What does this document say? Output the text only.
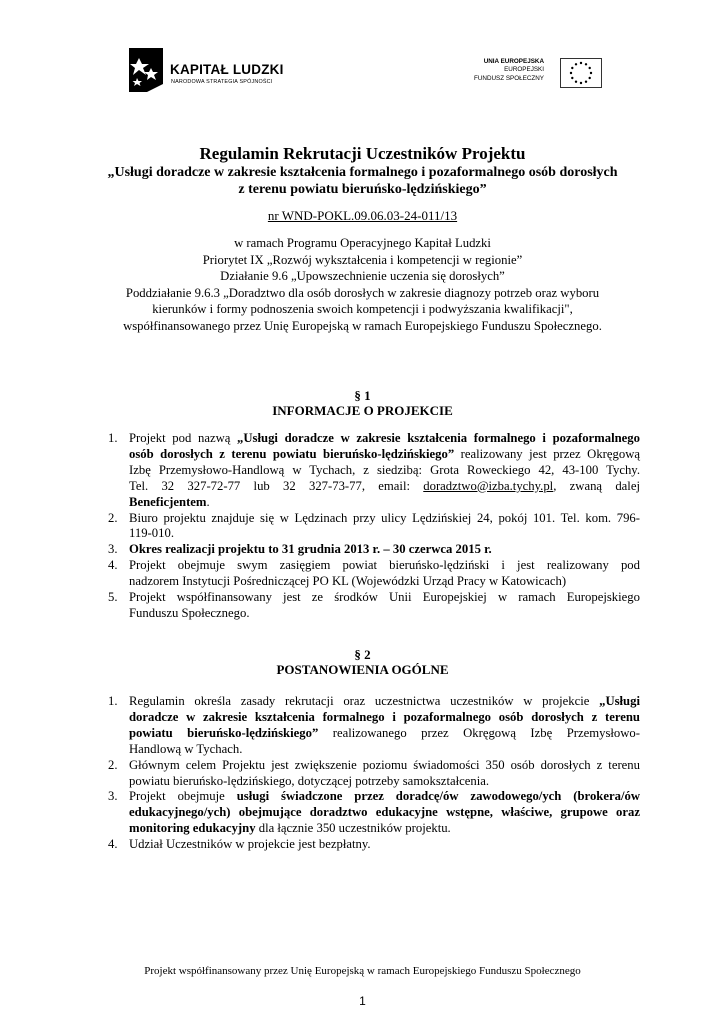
KAPITAŁ LUDZKI
NARODOWA STRATEGIA SPÓJNOŚCI
UNIA EUROPEJSKA
EUROPEJSKI
FUNDUSZ SPOŁECZNY
Regulamin Rekrutacji Uczestników Projektu
„Usługi doradcze w zakresie kształcenia formalnego i pozaformalnego osób dorosłych
z terenu powiatu bieruńsko-lędzińskiego”
nr WND-POKL.09.06.03-24-011/13
w ramach Programu Operacyjnego Kapitał Ludzki
Priorytet IX „Rozwój wykształcenia i kompetencji w regionie”
Działanie 9.6 „Upowszechnienie uczenia się dorosłych”
Poddziałanie 9.6.3 „Doradztwo dla osób dorosłych w zakresie diagnozy potrzeb oraz wyboru
kierunków i formy podnoszenia swoich kompetencji i podwyższania kwalifikacji",
współfinansowanego przez Unię Europejską w ramach Europejskiego Funduszu Społecznego.
§ 1
INFORMACJE O PROJEKCIE
1. Projekt pod nazwą „Usługi doradcze w zakresie kształcenia formalnego i pozaformalnego
osób dorosłych z terenu powiatu bieruńsko-lędzińskiego” realizowany jest przez Okręgową
Izbę Przemysłowo-Handlową w Tychach, z siedzibą: Grota Roweckiego 42, 43-100 Tychy.
Tel. 32 327-72-77 lub 32 327-73-77, email: doradztwo@izba.tychy.pl, zwaną dalej
Beneficjentem.
2. Biuro projektu znajduje się w Lędzinach przy ulicy Lędzińskiej 24, pokój 101. Tel. kom. 796-
119-010.
3. Okres realizacji projektu to 31 grudnia 2013 r. – 30 czerwca 2015 r.
4. Projekt obejmuje swym zasięgiem powiat bieruńsko-lędziński i jest realizowany pod
nadzorem Instytucji Pośredniczącej PO KL (Wojewódzki Urząd Pracy w Katowicach)
5. Projekt współfinansowany jest ze środków Unii Europejskiej w ramach Europejskiego
Funduszu Społecznego.
§ 2
POSTANOWIENIA OGÓLNE
1. Regulamin określa zasady rekrutacji oraz uczestnictwa uczestników w projekcie „Usługi
doradcze w zakresie kształcenia formalnego i pozaformalnego osób dorosłych z terenu
powiatu bieruńsko-lędzińskiego” realizowanego przez Okręgową Izbę Przemysłowo-
Handlową w Tychach.
2. Głównym celem Projektu jest zwiększenie poziomu świadomości 350 osób dorosłych z terenu
powiatu bieruńsko-lędzińskiego, dotyczącej potrzeby samokształcenia.
3. Projekt obejmuje usługi świadczone przez doradcę/ów zawodowego/ych (brokera/ów
edukacyjnego/ych) obejmujące doradztwo edukacyjne wstępne, właściwe, grupowe oraz
monitoring edukacyjny dla łącznie 350 uczestników projektu.
4. Udział Uczestników w projekcie jest bezpłatny.
Projekt współfinansowany przez Unię Europejską w ramach Europejskiego Funduszu Społecznego
1
